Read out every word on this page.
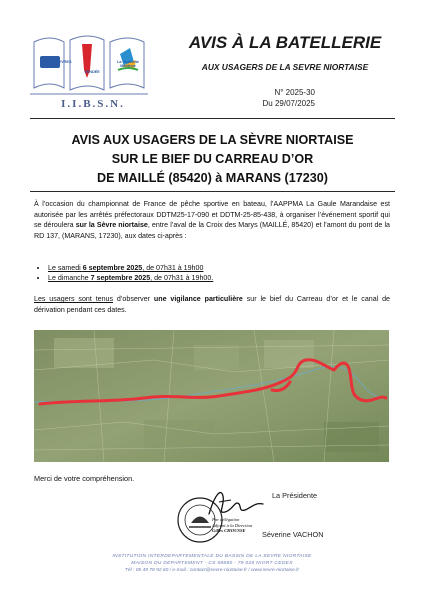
DEUX SÈVRES
VENDÉE
La Charente Maritime
I.I.B.S.N.
AVIS À LA BATELLERIE
AUX USAGERS DE LA SEVRE NIORTAISE
N° 2025-30
Du 29/07/2025
AVIS AUX USAGERS DE LA SÈVRE NIORTAISE
SUR LE BIEF DU CARREAU D’OR
DE MAILLÉ (85420) à MARANS (17230)
À l’occasion du championnat de France de pêche sportive en bateau, l’AAPPMA La Gaule Marandaise est autorisée par les arrêtés préfectoraux DDTM25-17-090 et DDTM-25-85-438, à organiser l’événement sportif qui se déroulera sur la Sèvre niortaise, entre l’aval de la Croix des Marys (MAILLÉ, 85420) et l’amont du pont de la RD 137, (MARANS, 17230), aux dates ci-après :
• Le samedi 6 septembre 2025, de 07h31 à 19h00
• Le dimanche 7 septembre 2025, de 07h31 à 19h00.
Les usagers sont tenus d’observer une vigilance particulière sur le bief du Carreau d’or et le canal de dérivation pendant ces dates.
Merci de votre compréhension.
La Présidente
Par délégation
Adjoint à la Direction
Gilles CHOUSSE	Séverine VACHON
INSTITUTION INTERDEPARTEMENTALE DU BASSIN DE LA SEVRE NIORTAISE
MAISON DU DEPARTEMENT - CS 58880 - 79 028 NIORT CEDEX
Tél : 05 49 78 92 60 / e-mail : contact@sevre-niortaise.fr / www.sevre-niortaise.fr
